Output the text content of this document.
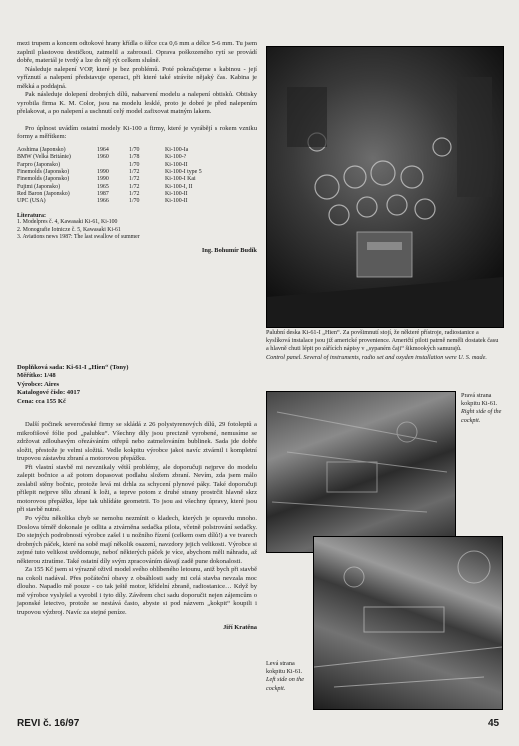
mezi trupem a koncem odtokové hrany křídla o šířce cca 0,6 mm a délce 5-6 mm. Tu jsem zaplnil plastovou destičkou, zatmelil a zabrousil. Oprava poškozeného rytí se provádí dobře, materiál je tvrdý a lze do něj rýt celkem slušně.

Následuje nalepení VOP, které je bez problémů. Poté pokračujeme s kabinou - její vyříznutí a nalepení představuje operaci, při které také strávíte nějaký čas. Kabina je měkká a poddajná.

Pak následuje dolepení drobných dílů, nabarvení modelu a nalepení obtisků. Obtisky vyrobila firma K. M. Color, jsou na modelu lesklé, proto je dobré je před nalepením přelakovat, a po nalepení a uschnutí celý model zafixovat matným lakem.

Pro úplnost uvádím ostatní modely Ki-100 a firmy, které je vyrábějí s rokem vzniku formy a měřítkem:

Aoshima (Japonsko)	1964	1/70	Ki-100-Ia
BMW (Velká Británie)	1960	1/78	Ki-100-?
Farpro (Japonsko)		1/70	Ki-100-II
Finemolds (Japonsko)	1990	1/72	Ki-100-I type 5
Finemolds (Japonsko)	1990	1/72	Ki-100-I Kai
Fujimi (Japonsko)	1965	1/72	Ki-100-I, II
Red Baron (Japonsko)	1987	1/72	Ki-100-II
UPC (USA)	1966	1/70	Ki-100-II
Literatura:
1. Modelpres č. 4, Kawasaki Ki-61, Ki-100
2. Monografie Iotnicze č. 5, Kawasaki Ki-61
3. Aviations news 1987: The last swallow of summer
Ing. Bohumír Budík
Doplňková sada: Ki-61-I „Hien“ (Tony)
Měřítko: 1/48
Výrobce: Aires
Katalogové číslo: 4017
Cena: cca 155 Kč

Další počinek severočeské firmy se skládá z 26 polystyrenových dílů, 29 fotoleptů a mikrofišové fólie pod „palubku“. Všechny díly jsou precizně vyrobené, nemusíme se zdržovat zdlouhavým ořezáváním otřepů nebo zatmelováním bublinek. Sada jde dobře složit, přestože je velmi složitá. Vedle kokpitu výrobce jakoi navíc ztvárnil i kompletní trupovou zástavbu zbraní a motorovou přepážku.

Při vlastní stavbě mi nevznikaly větší problémy, ale doporučuji nejprve do modelu zalepit bočnice a až potom dopasovat podlahu složem zbraní. Nevím, zda jsem málo zeslabil stěny bočnic, protože levá mi drhla za schycení plynové páky. Také doporučuji přilepit nejprve tělu zbraní k loži, a teprve potom z druhé strany prostrčit hlavně skrz motorovou přepážku, lépe tak uhlídáte geometrii. To jsou asi všechny úpravy, které jsou při stavbě nutné.

Po výčtu několika chyb se nemohu nezmínit o kladech, kterých je opravdu mnoho. Doslova téměř dokonale je odlita a ztvárněna sedačka pilota, včetně polstrování sedačky. Do stejných podrobností výrobce zašel i u nožního řízení (celkem osm dílů!) a ve tvarech drobných páček, které na sobě mají několik osazení, navzdory jejich velikosti. Výrobce si zejmé tuto velikost uvědomuje, neboť některých páček je více, abychom měli náhradu, až některou ztratíme. Také ostatní díly svým zpracováním dávají zadě pune dokonalosti.

Za 155 Kč jsem si výrazně oživil model svého oblíbeného letounu, aniž bych při stavbě na cokoli nadával. Přes počáteční obavy z obsáhlosti sady mi celá stavba nevzala moc dlouho. Napadlo mě pouze - co tak ještě motor, křídelní zbraně, radiostanice… Když by mě výrobce vyslyšel a vyrobil i tyto díly. Závěrem chci sadu doporučit nejen zájemcům o japonské letectvo, protože se nestává často, abyste si pod názvem „kokpit“ koupili i trupovou výzbroj. Navíc za stejné peníze.

Jiří Kratěna
Palubní deska Ki-61-I „Hien“. Za povšimnutí stojí, že některé přístroje, radiostanice a kyslíková instalace jsou již americké provenience. Američtí piloti patrně neměli dostatek času a hlavně chuti lépit po zářících nápisy v „sypaném čaji“ šikmookých samurajů.
Control panel. Several of instruments, radio set and oxyden installation were U. S. made.
Pravá strana kokpitu Ki-61.
Right side of the cockpit.
Levá strana kokpitu Ki-61.
Left side on the cockpit.
REVI č. 16/97	45
